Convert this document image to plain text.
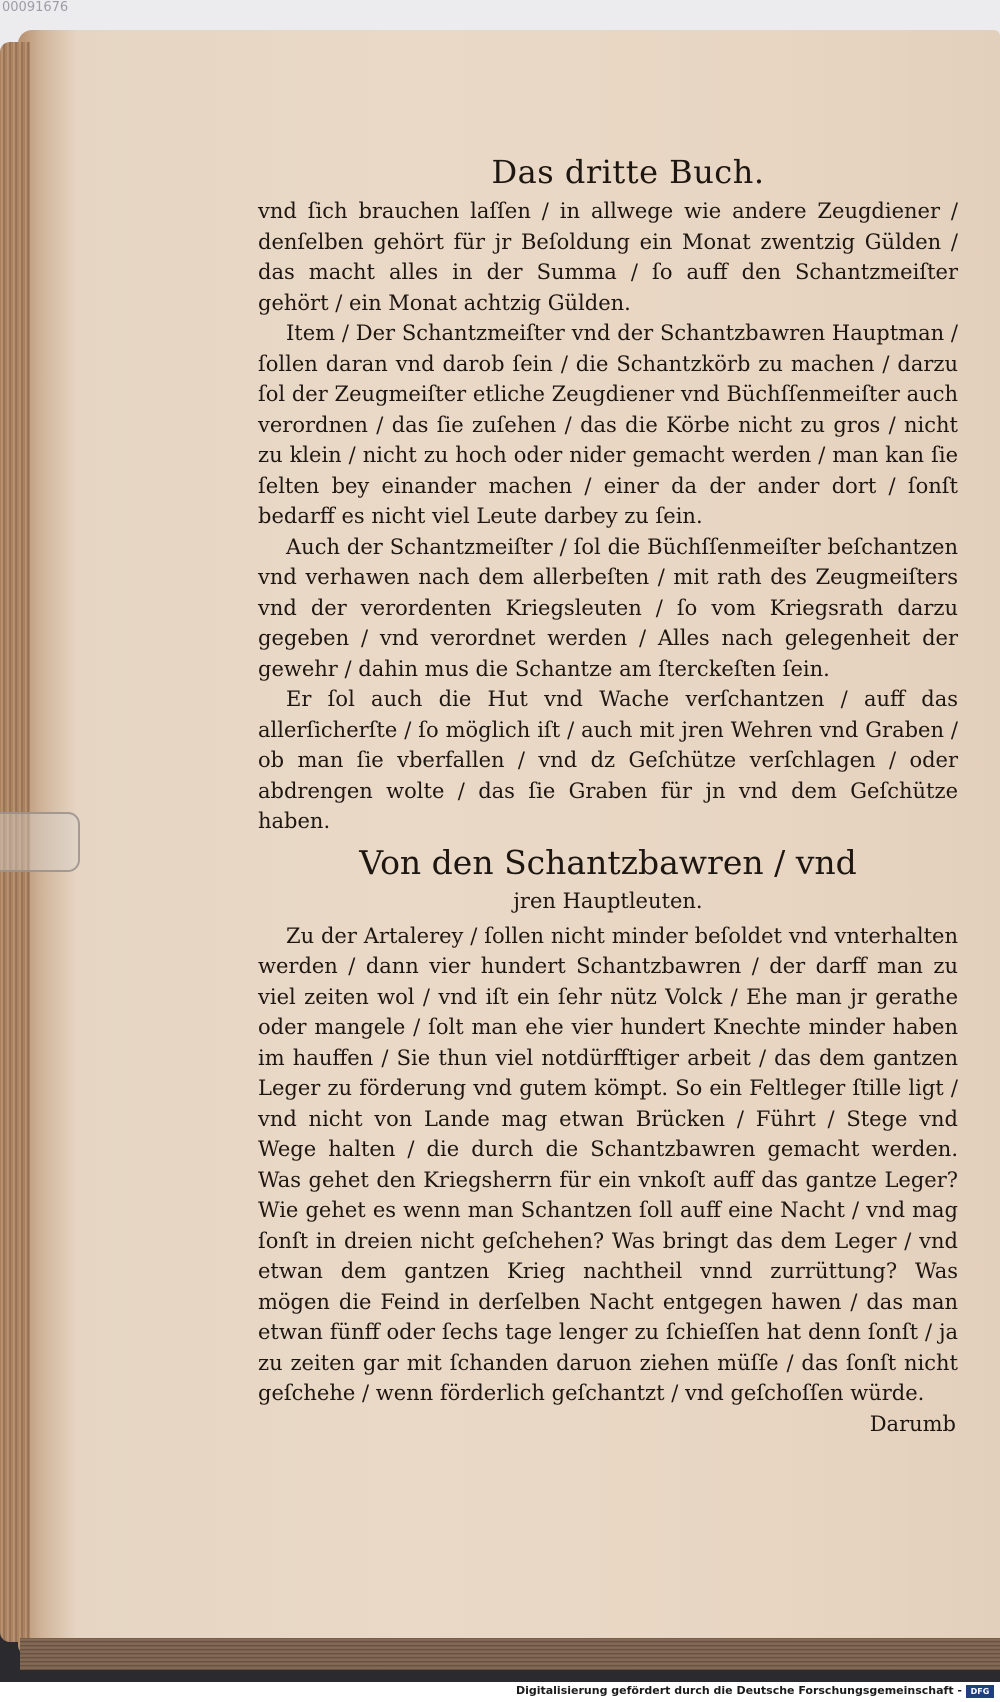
00091676
Das dritte Buch.
vnd ſich brauchen laſſen / in allwege wie andere Zeugdiener / denſelben gehört für jr Beſoldung ein Monat zwentzig Gülden / das macht alles in der Summa / ſo auff den Schantzmeiſter gehört / ein Monat achtzig Gülden.
Item / Der Schantzmeiſter vnd der Schantzbawren Hauptman / ſollen daran vnd darob ſein / die Schantzkörb zu machen / darzu ſol der Zeugmeiſter etliche Zeugdiener vnd Büchſſenmeiſter auch verordnen / das ſie zuſehen / das die Körbe nicht zu gros / nicht zu klein / nicht zu hoch oder nider gemacht werden / man kan ſie ſelten bey einander machen / einer da der ander dort / ſonſt bedarff es nicht viel Leute darbey zu ſein.
Auch der Schantzmeiſter / ſol die Büchſſenmeiſter beſchantzen vnd verhawen nach dem allerbeſten / mit rath des Zeugmeiſters vnd der verordenten Kriegsleuten / ſo vom Kriegsrath darzu gegeben / vnd verordnet werden / Alles nach gelegenheit der gewehr / dahin mus die Schantze am ſterckeſten ſein.
Er ſol auch die Hut vnd Wache verſchantzen / auff das allerſicherſte / ſo möglich iſt / auch mit jren Wehren vnd Graben / ob man ſie vberfallen / vnd dz Geſchütze verſchlagen / oder abdrengen wolte / das ſie Graben für jn vnd dem Geſchütze haben.
Von den Schantzbawren / vnd
jren Hauptleuten.
Zu der Artalerey / ſollen nicht minder beſoldet vnd vnterhalten werden / dann vier hundert Schantzbawren / der darff man zu viel zeiten wol / vnd iſt ein ſehr nütz Volck / Ehe man jr gerathe oder mangele / ſolt man ehe vier hundert Knechte minder haben im hauffen / Sie thun viel notdürfftiger arbeit / das dem gantzen Leger zu förderung vnd gutem kömpt. So ein Feltleger ſtille ligt / vnd nicht von Lande mag etwan Brücken / Führt / Stege vnd Wege halten / die durch die Schantzbawren gemacht werden. Was gehet den Kriegsherrn für ein vnkoſt auff das gantze Leger? Wie gehet es wenn man Schantzen ſoll auff eine Nacht / vnd mag ſonſt in dreien nicht geſchehen? Was bringt das dem Leger / vnd etwan dem gantzen Krieg nachtheil vnnd zurrüttung? Was mögen die Feind in derſelben Nacht entgegen hawen / das man etwan fünff oder ſechs tage lenger zu ſchieſſen hat denn ſonſt / ja zu zeiten gar mit ſchanden daruon ziehen müſſe / das ſonſt nicht geſchehe / wenn förderlich geſchantzt / vnd geſchoſſen würde.
Darumb
Digitalisierung gefördert durch die Deutsche Forschungsgemeinschaft -	DFG
